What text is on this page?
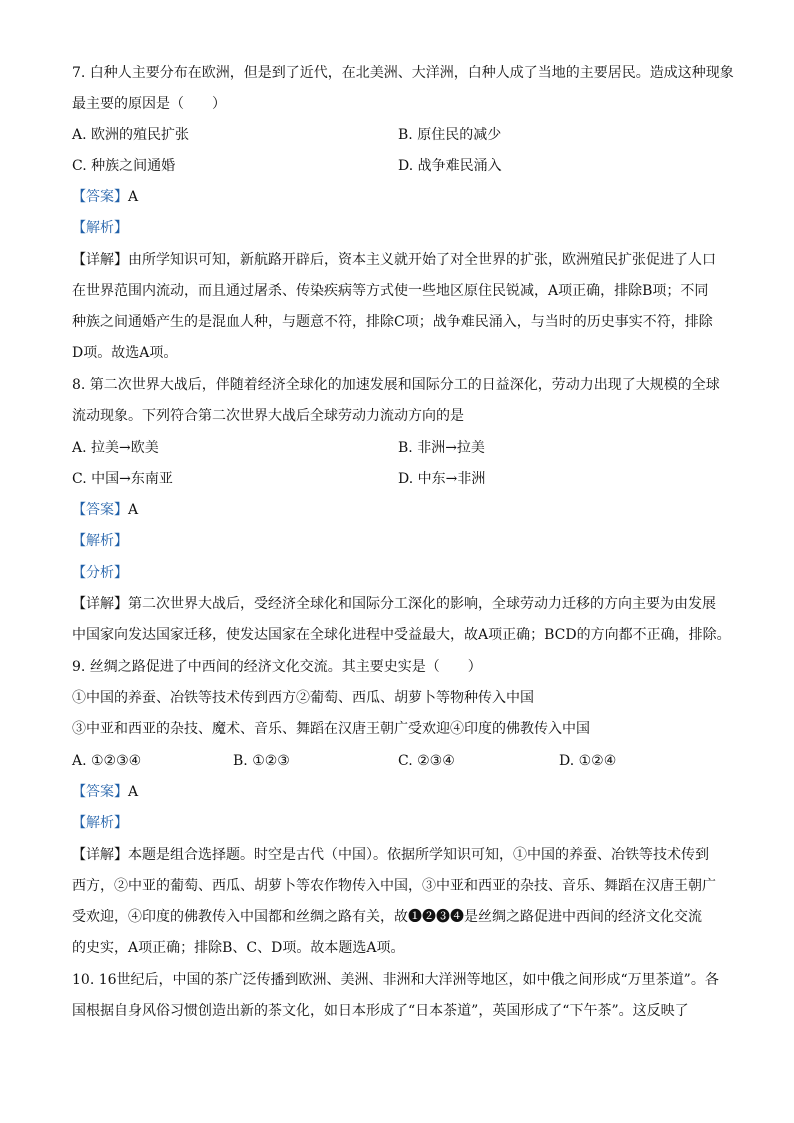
7. 白种人主要分布在欧洲，但是到了近代，在北美洲、大洋洲，白种人成了当地的主要居民。造成这种现象
最主要的原因是（　　）
A. 欧洲的殖民扩张	B. 原住民的减少
C. 种族之间通婚	D. 战争难民涌入
【答案】A
【解析】
【详解】由所学知识可知，新航路开辟后，资本主义就开始了对全世界的扩张，欧洲殖民扩张促进了人口
在世界范围内流动，而且通过屠杀、传染疾病等方式使一些地区原住民锐减，A项正确，排除B项；不同
种族之间通婚产生的是混血人种，与题意不符，排除C项；战争难民涌入，与当时的历史事实不符，排除
D项。故选A项。
8. 第二次世界大战后，伴随着经济全球化的加速发展和国际分工的日益深化，劳动力出现了大规模的全球
流动现象。下列符合第二次世界大战后全球劳动力流动方向的是
A. 拉美→欧美	B. 非洲→拉美
C. 中国→东南亚	D. 中东→非洲
【答案】A
【解析】
【分析】
【详解】第二次世界大战后，受经济全球化和国际分工深化的影响，全球劳动力迁移的方向主要为由发展
中国家向发达国家迁移，使发达国家在全球化进程中受益最大，故A项正确；BCD的方向都不正确，排除。
9. 丝绸之路促进了中西间的经济文化交流。其主要史实是（　　）
①中国的养蚕、冶铁等技术传到西方②葡萄、西瓜、胡萝卜等物种传入中国
③中亚和西亚的杂技、魔术、音乐、舞蹈在汉唐王朝广受欢迎④印度的佛教传入中国
A. ①②③④	B. ①②③	C. ②③④	D. ①②④
【答案】A
【解析】
【详解】本题是组合选择题。时空是古代（中国）。依据所学知识可知，①中国的养蚕、冶铁等技术传到
西方，②中亚的葡萄、西瓜、胡萝卜等农作物传入中国，③中亚和西亚的杂技、音乐、舞蹈在汉唐王朝广
受欢迎，④印度的佛教传入中国都和丝绸之路有关，故❶❷❸❹是丝绸之路促进中西间的经济文化交流
的史实，A项正确；排除B、C、D项。故本题选A项。
10. 16世纪后，中国的茶广泛传播到欧洲、美洲、非洲和大洋洲等地区，如中俄之间形成“万里茶道”。各
国根据自身风俗习惯创造出新的茶文化，如日本形成了“日本茶道”，英国形成了“下午茶”。这反映了
